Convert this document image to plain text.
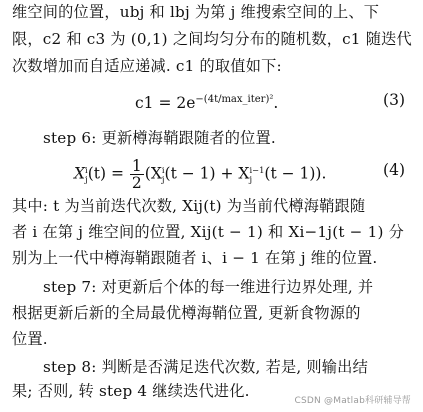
维空间的位置，ubj 和 lbj 为第 j 维搜索空间的上、下
限，c2 和 c3 为 (0,1) 之间均匀分布的随机数，c1 随迭代
次数增加而自适应递减. c1 的取值如下:
$c1 = 2e^{-(4t/max\_iter)^2}$.	(3)
step 6: 更新樽海鞘跟随者的位置.
X i
j $(t) = \frac{1}{2} (X$ i
j (t − 1) + X i−1
j (t − 1)).	(4)
其中: t 为当前迭代次数, Xij(t) 为当前代樽海鞘跟随
者 i 在第 j 维空间的位置, Xij(t − 1) 和 Xi−1j(t − 1) 分
别为上一代中樽海鞘跟随者 i、i − 1 在第 j 维的位置.
step 7: 对更新后个体的每一维进行边界处理, 并
根据更新后新的全局最优樽海鞘位置, 更新食物源的
位置.
step 8: 判断是否满足迭代次数, 若是, 则输出结
果; 否则, 转 step 4 继续迭代进化.
CSDN @Matlab科研辅导帮
